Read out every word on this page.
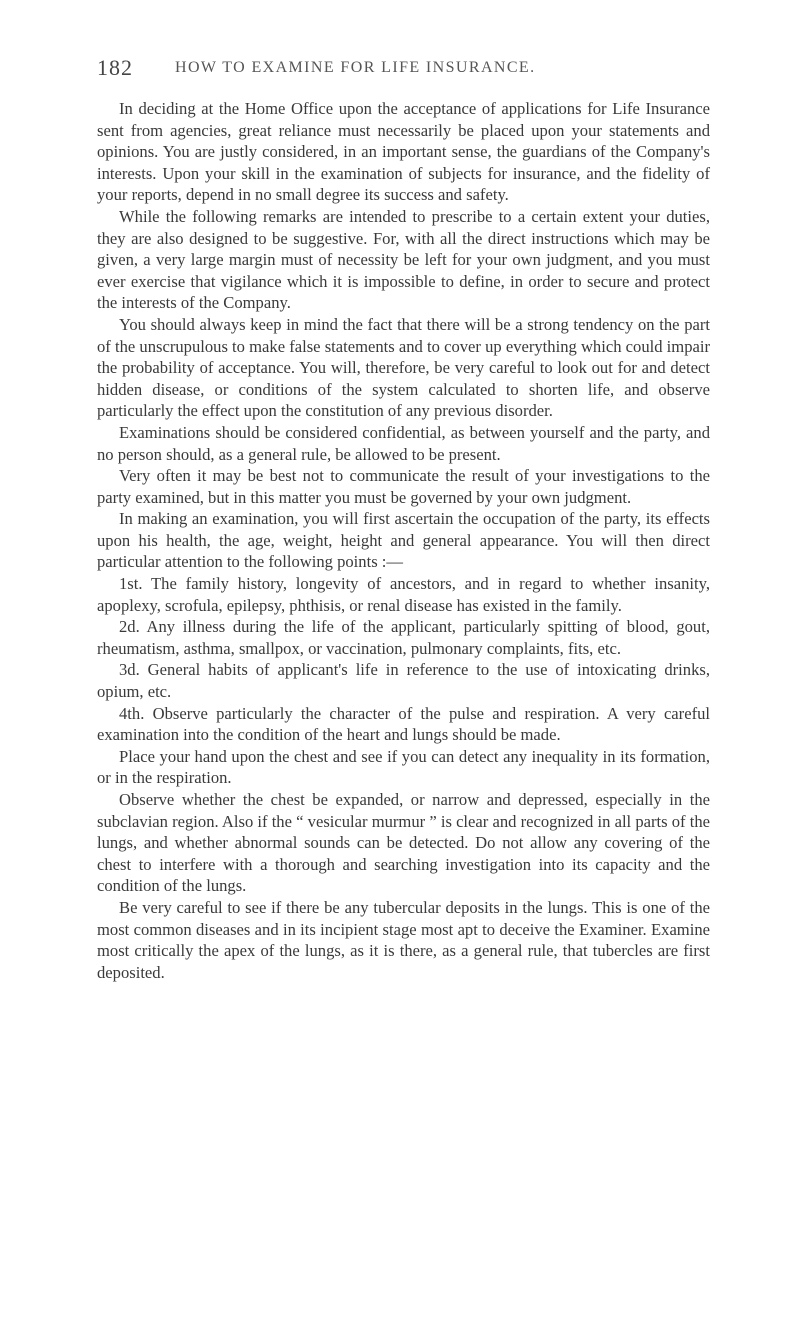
182	HOW TO EXAMINE FOR LIFE INSURANCE.

In deciding at the Home Office upon the acceptance of applications for Life Insurance sent from agencies, great reliance must necessarily be placed upon your statements and opinions. You are justly considered, in an important sense, the guardians of the Company's interests. Upon your skill in the examination of subjects for insurance, and the fidelity of your reports, depend in no small degree its success and safety.

While the following remarks are intended to prescribe to a certain extent your duties, they are also designed to be suggestive. For, with all the direct instructions which may be given, a very large margin must of necessity be left for your own judgment, and you must ever exercise that vigilance which it is impossible to define, in order to secure and protect the interests of the Company.

You should always keep in mind the fact that there will be a strong tendency on the part of the unscrupulous to make false statements and to cover up everything which could impair the probability of acceptance. You will, therefore, be very careful to look out for and detect hidden disease, or conditions of the system calculated to shorten life, and observe particularly the effect upon the constitution of any previous disorder.

Examinations should be considered confidential, as between yourself and the party, and no person should, as a general rule, be allowed to be present.

Very often it may be best not to communicate the result of your investigations to the party examined, but in this matter you must be governed by your own judgment.

In making an examination, you will first ascertain the occupation of the party, its effects upon his health, the age, weight, height and general appearance. You will then direct particular attention to the following points :—

1st. The family history, longevity of ancestors, and in regard to whether insanity, apoplexy, scrofula, epilepsy, phthisis, or renal disease has existed in the family.

2d. Any illness during the life of the applicant, particularly spitting of blood, gout, rheumatism, asthma, smallpox, or vaccination, pulmonary complaints, fits, etc.

3d. General habits of applicant's life in reference to the use of intoxicating drinks, opium, etc.

4th. Observe particularly the character of the pulse and respiration. A very careful examination into the condition of the heart and lungs should be made.

Place your hand upon the chest and see if you can detect any inequality in its formation, or in the respiration.

Observe whether the chest be expanded, or narrow and depressed, especially in the subclavian region. Also if the “ vesicular murmur ” is clear and recognized in all parts of the lungs, and whether abnormal sounds can be detected. Do not allow any covering of the chest to interfere with a thorough and searching investigation into its capacity and the condition of the lungs.

Be very careful to see if there be any tubercular deposits in the lungs. This is one of the most common diseases and in its incipient stage most apt to deceive the Examiner. Examine most critically the apex of the lungs, as it is there, as a general rule, that tubercles are first deposited.
